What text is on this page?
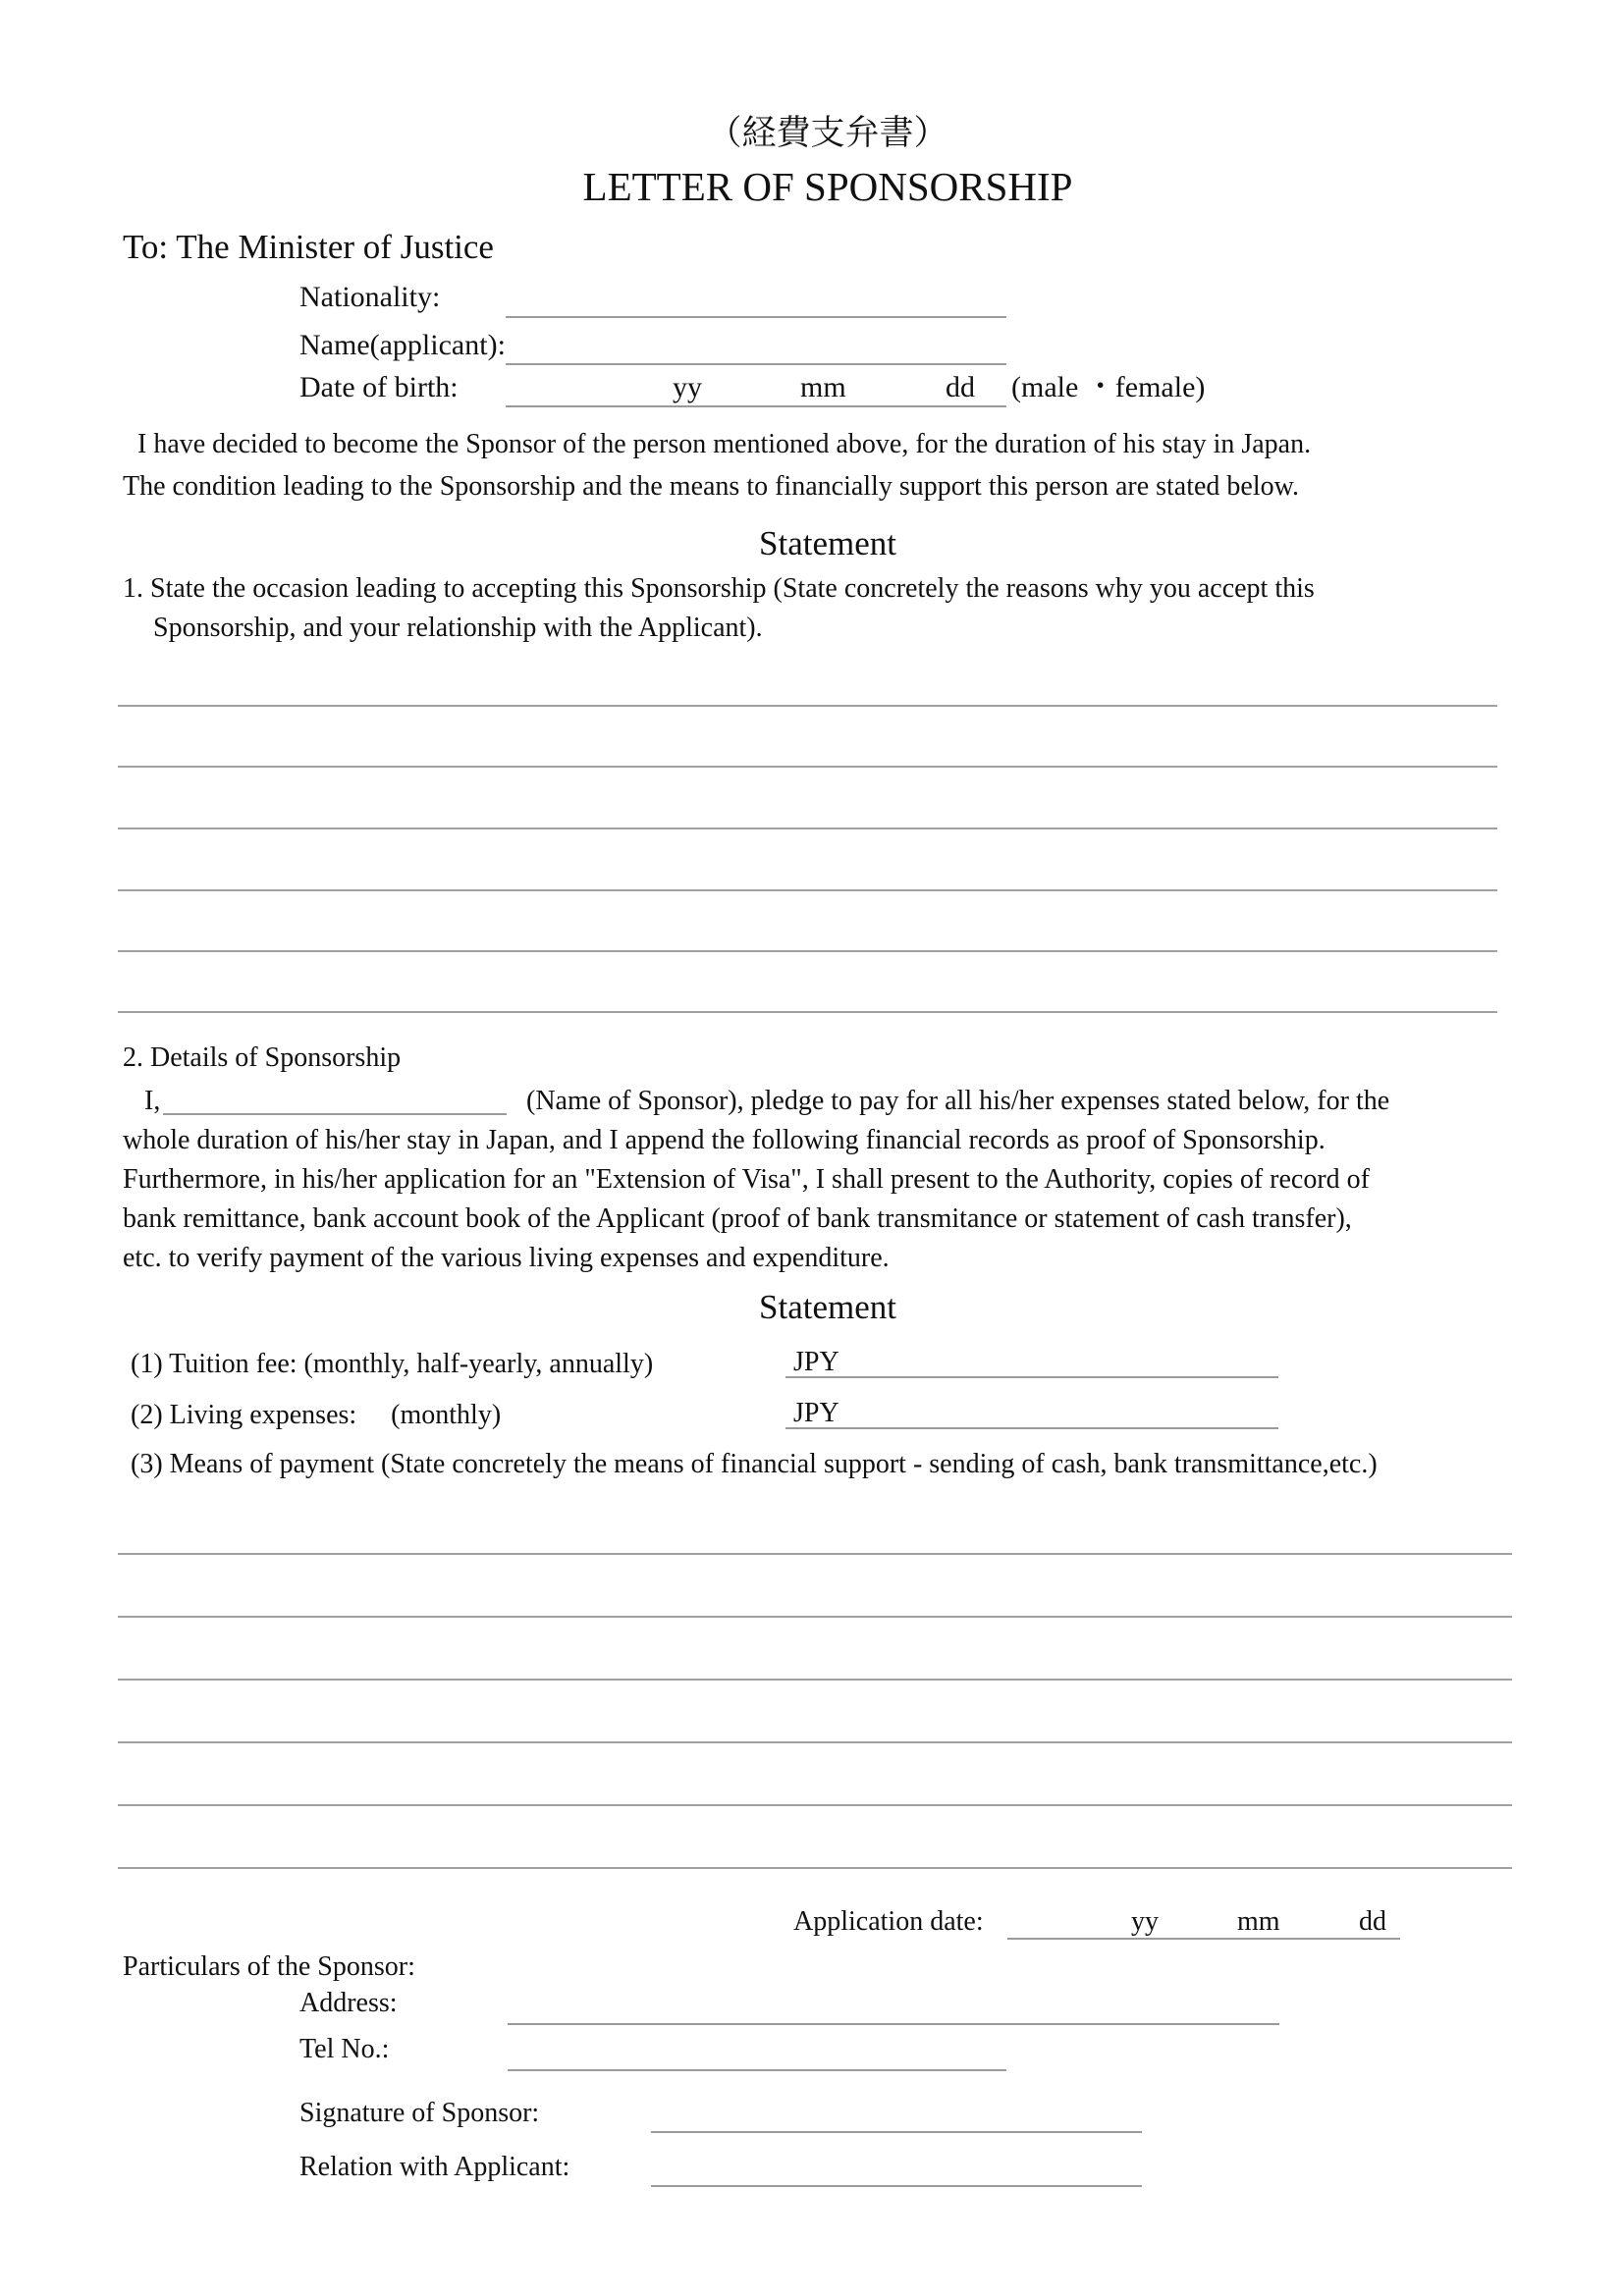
（経費支弁書）
LETTER OF SPONSORSHIP
To: The Minister of Justice
Nationality:
Name(applicant):
Date of birth:	yy	mm	dd (male ・female)
I have decided to become the Sponsor of the person mentioned above, for the duration of his stay in Japan.
The condition leading to the Sponsorship and the means to financially support this person are stated below.
Statement
1. State the occasion leading to accepting this Sponsorship (State concretely the reasons why you accept this
Sponsorship, and your relationship with the Applicant).
2. Details of Sponsorship
I,	(Name of Sponsor), pledge to pay for all his/her expenses stated below, for the
whole duration of his/her stay in Japan, and I append the following financial records as proof of Sponsorship.
Furthermore, in his/her application for an "Extension of Visa", I shall present to the Authority, copies of record of
bank remittance, bank account book of the Applicant (proof of bank transmitance or statement of cash transfer),
etc. to verify payment of the various living expenses and expenditure.
Statement
(1) Tuition fee: (monthly, half-yearly, annually)	JPY
(2) Living expenses:     (monthly)	JPY
(3) Means of payment (State concretely the means of financial support - sending of cash, bank transmittance,etc.)
Application date:	yy	mm	dd
Particulars of the Sponsor:
Address:
Tel No.:
Signature of Sponsor:
Relation with Applicant:
